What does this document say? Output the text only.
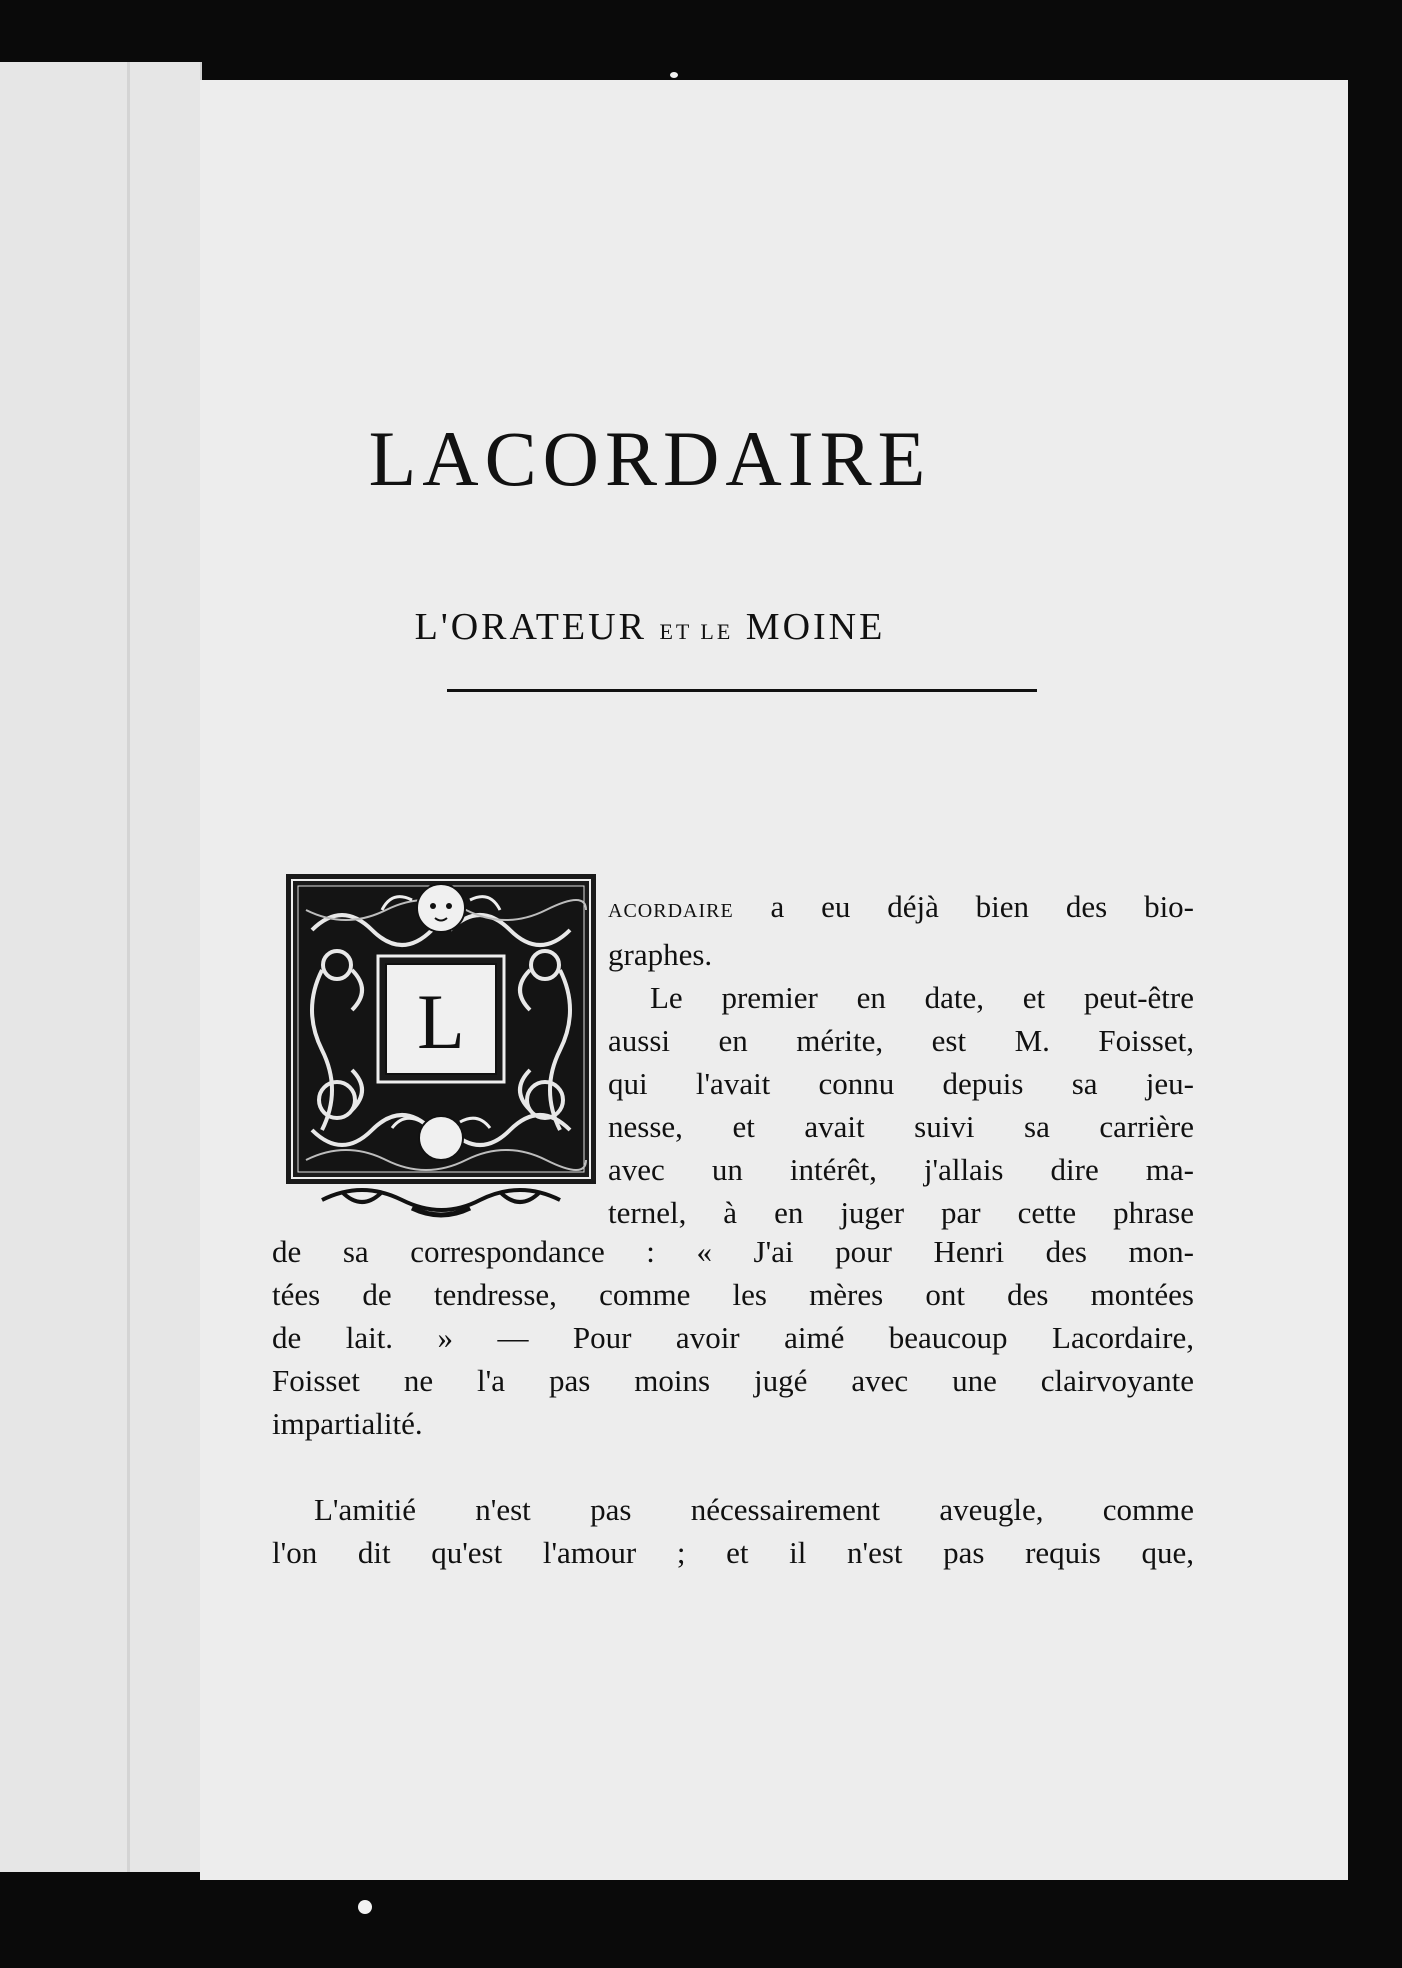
LACORDAIRE
L'ORATEUR ET LE MOINE
L
ACORDAIRE a eu déjà bien des bio-
graphes.
Le premier en date, et peut-être
aussi en mérite, est M. Foisset,
qui l'avait connu depuis sa jeu-
nesse, et avait suivi sa carrière
avec un intérêt, j'allais dire ma-
ternel, à en juger par cette phrase
de sa correspondance : « J'ai pour Henri des mon-
tées de tendresse, comme les mères ont des montées
de lait. » — Pour avoir aimé beaucoup Lacordaire,
Foisset ne l'a pas moins jugé avec une clairvoyante
impartialité.
L'amitié n'est pas nécessairement aveugle, comme
l'on dit qu'est l'amour ; et il n'est pas requis que,
